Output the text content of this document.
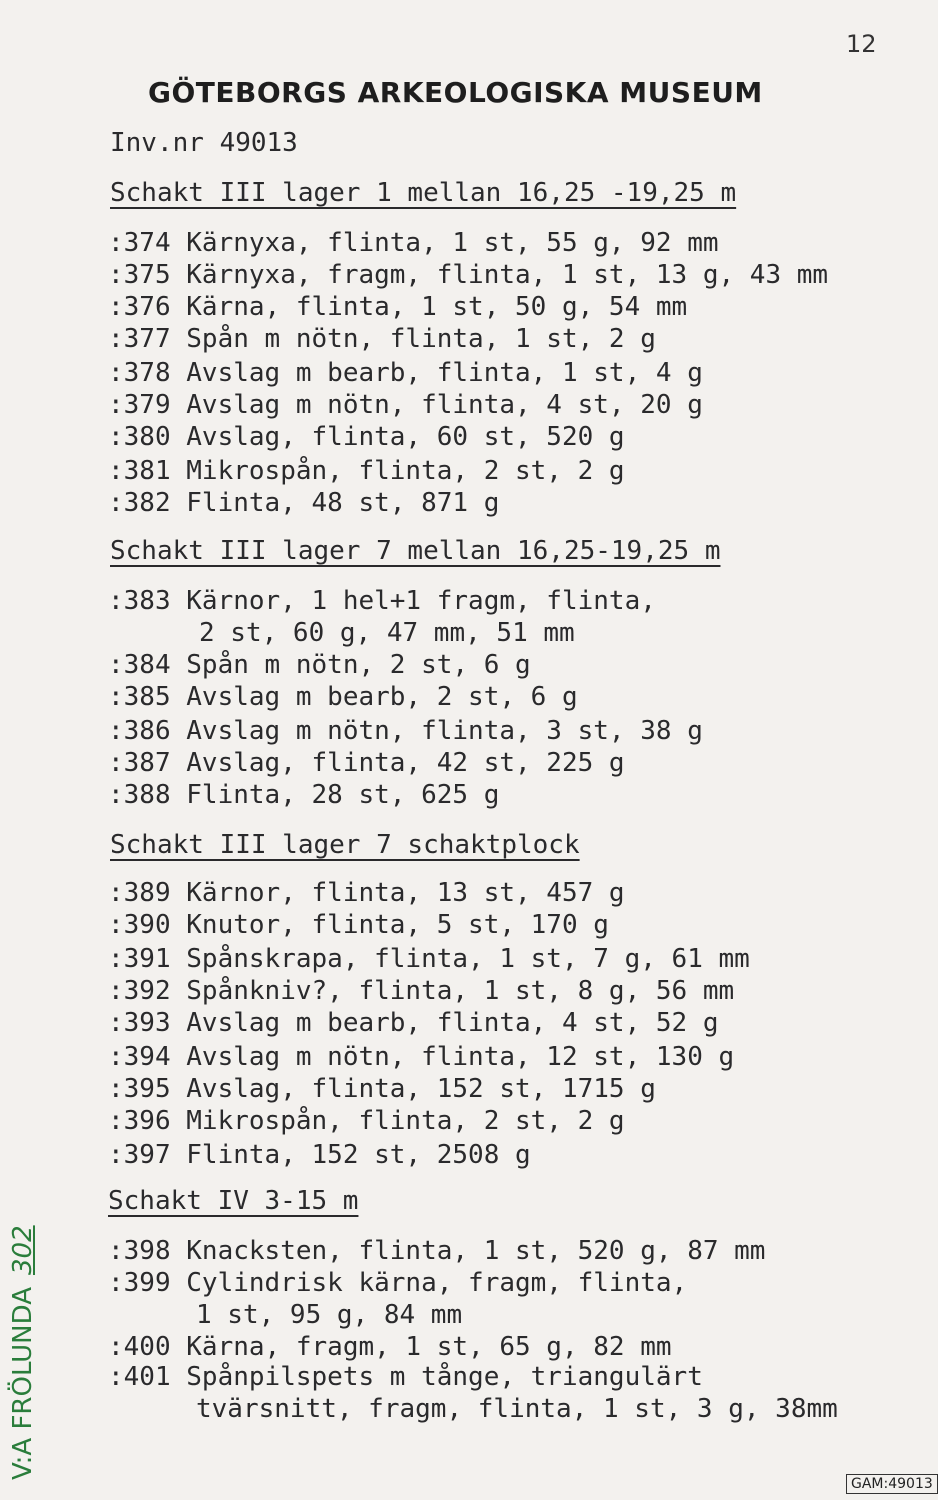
12
GÖTEBORGS ARKEOLOGISKA MUSEUM
Inv.nr 49013
Schakt III lager 1 mellan 16,25 -19,25 m
:374 Kärnyxa, flinta, 1 st, 55 g, 92 mm
:375 Kärnyxa, fragm, flinta, 1 st, 13 g, 43 mm
:376 Kärna, flinta, 1 st, 50 g, 54 mm
:377 Spån m nötn, flinta, 1 st, 2 g
:378 Avslag m bearb, flinta, 1 st, 4 g
:379 Avslag m nötn, flinta, 4 st, 20 g
:380 Avslag, flinta, 60 st, 520 g
:381 Mikrospån, flinta, 2 st, 2 g
:382 Flinta, 48 st, 871 g
Schakt III lager 7 mellan 16,25-19,25 m
:383 Kärnor, 1 hel+1 fragm, flinta,
2 st, 60 g, 47 mm, 51 mm
:384 Spån m nötn, 2 st, 6 g
:385 Avslag m bearb, 2 st, 6 g
:386 Avslag m nötn, flinta, 3 st, 38 g
:387 Avslag, flinta, 42 st, 225 g
:388 Flinta, 28 st, 625 g
Schakt III lager 7 schaktplock
:389 Kärnor, flinta, 13 st, 457 g
:390 Knutor, flinta, 5 st, 170 g
:391 Spånskrapa, flinta, 1 st, 7 g, 61 mm
:392 Spånkniv?, flinta, 1 st, 8 g, 56 mm
:393 Avslag m bearb, flinta, 4 st, 52 g
:394 Avslag m nötn, flinta, 12 st, 130 g
:395 Avslag, flinta, 152 st, 1715 g
:396 Mikrospån, flinta, 2 st, 2 g
:397 Flinta, 152 st, 2508 g
Schakt IV 3-15 m
:398 Knacksten, flinta, 1 st, 520 g, 87 mm
:399 Cylindrisk kärna, fragm, flinta,
1 st, 95 g, 84 mm
:400 Kärna, fragm, 1 st, 65 g, 82 mm
:401 Spånpilspets m tånge, triangulärt
tvärsnitt, fragm, flinta, 1 st, 3 g, 38mm
V:A FRÖLUNDA302
GAM:49013
